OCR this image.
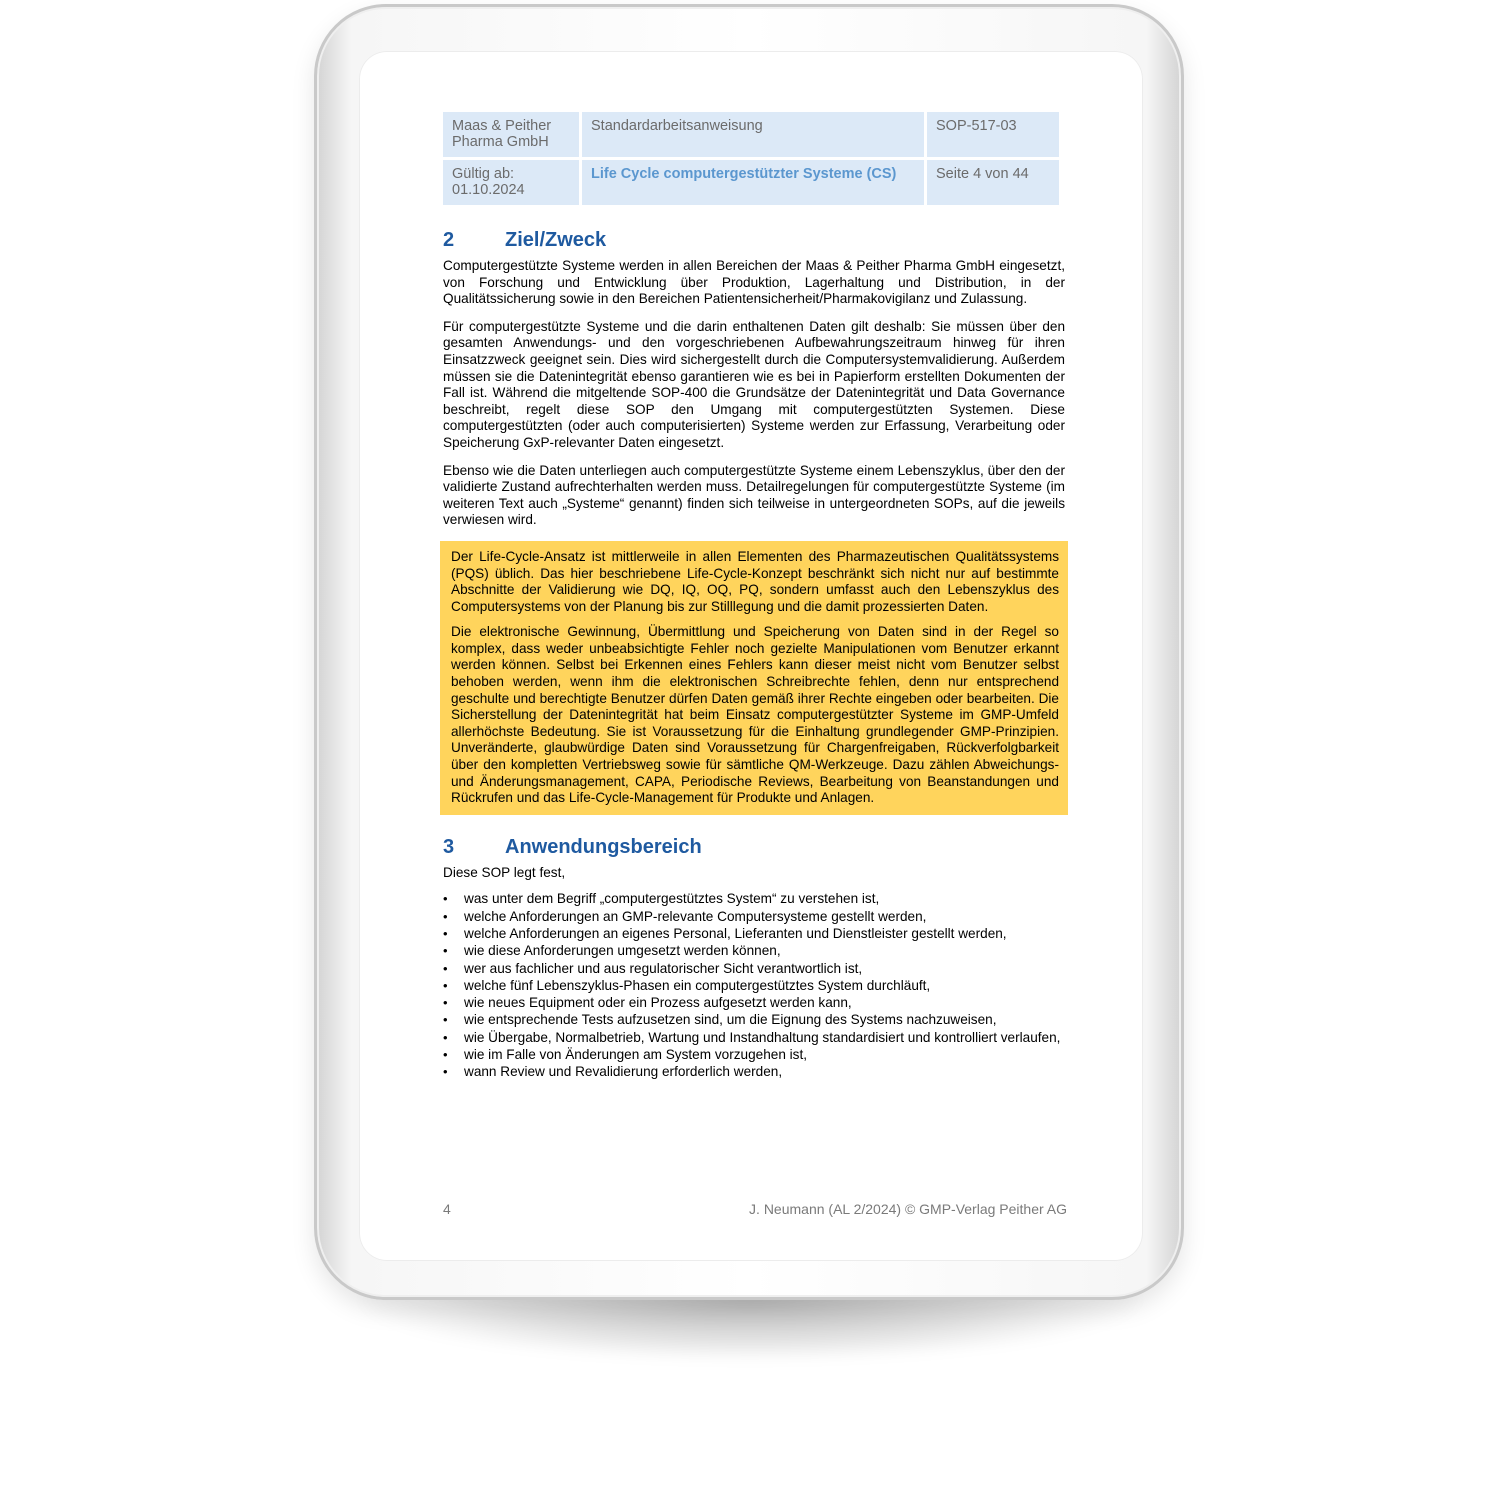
Maas & Peither Pharma GmbH	Standardarbeitsanweisung	SOP-517-03
Gültig ab: 01.10.2024	Life Cycle computergestützter Systeme (CS)	Seite 4 von 44
2	Ziel/Zweck

Computergestützte Systeme werden in allen Bereichen der Maas & Peither Pharma GmbH eingesetzt, von Forschung und Entwicklung über Produktion, Lagerhaltung und Distribution, in der Qualitätssicherung sowie in den Bereichen Patientensicherheit/Pharmakovigilanz und Zulassung.

Für computergestützte Systeme und die darin enthaltenen Daten gilt deshalb: Sie müssen über den gesamten Anwendungs- und den vorgeschriebenen Aufbewahrungszeitraum hinweg für ihren Einsatzzweck geeignet sein. Dies wird sichergestellt durch die Computersystemvalidierung. Außerdem müssen sie die Datenintegrität ebenso garantieren wie es bei in Papierform erstellten Dokumenten der Fall ist. Während die mitgeltende SOP-400 die Grundsätze der Datenintegrität und Data Governance beschreibt, regelt diese SOP den Umgang mit computergestützten Systemen. Diese computergestützten (oder auch computerisierten) Systeme werden zur Erfassung, Verarbeitung oder Speicherung GxP-relevanter Daten eingesetzt.

Ebenso wie die Daten unterliegen auch computergestützte Systeme einem Lebenszyklus, über den der validierte Zustand aufrechterhalten werden muss. Detailregelungen für computergestützte Systeme (im weiteren Text auch „Systeme“ genannt) finden sich teilweise in untergeordneten SOPs, auf die jeweils verwiesen wird.

Der Life-Cycle-Ansatz ist mittlerweile in allen Elementen des Pharmazeutischen Qualitätssystems (PQS) üblich. Das hier beschriebene Life-Cycle-Konzept beschränkt sich nicht nur auf bestimmte Abschnitte der Validierung wie DQ, IQ, OQ, PQ, sondern umfasst auch den Lebenszyklus des Computersystems von der Planung bis zur Stilllegung und die damit prozessierten Daten.

Die elektronische Gewinnung, Übermittlung und Speicherung von Daten sind in der Regel so komplex, dass weder unbeabsichtigte Fehler noch gezielte Manipulationen vom Benutzer erkannt werden können. Selbst bei Erkennen eines Fehlers kann dieser meist nicht vom Benutzer selbst behoben werden, wenn ihm die elektronischen Schreibrechte fehlen, denn nur entsprechend geschulte und berechtigte Benutzer dürfen Daten gemäß ihrer Rechte eingeben oder bearbeiten. Die Sicherstellung der Datenintegrität hat beim Einsatz computergestützter Systeme im GMP-Umfeld allerhöchste Bedeutung. Sie ist Voraussetzung für die Einhaltung grundlegender GMP-Prinzipien. Unveränderte, glaubwürdige Daten sind Voraussetzung für Chargenfreigaben, Rückverfolgbarkeit über den kompletten Vertriebsweg sowie für sämtliche QM-Werkzeuge. Dazu zählen Abweichungs- und Änderungsmanagement, CAPA, Periodische Reviews, Bearbeitung von Beanstandungen und Rückrufen und das Life-Cycle-Management für Produkte und Anlagen.

3	Anwendungsbereich

Diese SOP legt fest,

• was unter dem Begriff „computergestütztes System“ zu verstehen ist,
• welche Anforderungen an GMP-relevante Computersysteme gestellt werden,
• welche Anforderungen an eigenes Personal, Lieferanten und Dienstleister gestellt werden,
• wie diese Anforderungen umgesetzt werden können,
• wer aus fachlicher und aus regulatorischer Sicht verantwortlich ist,
• welche fünf Lebenszyklus-Phasen ein computergestütztes System durchläuft,
• wie neues Equipment oder ein Prozess aufgesetzt werden kann,
• wie entsprechende Tests aufzusetzen sind, um die Eignung des Systems nachzuweisen,
• wie Übergabe, Normalbetrieb, Wartung und Instandhaltung standardisiert und kontrolliert verlaufen,
• wie im Falle von Änderungen am System vorzugehen ist,
• wann Review und Revalidierung erforderlich werden,
4	J. Neumann (AL 2/2024) © GMP-Verlag Peither AG
